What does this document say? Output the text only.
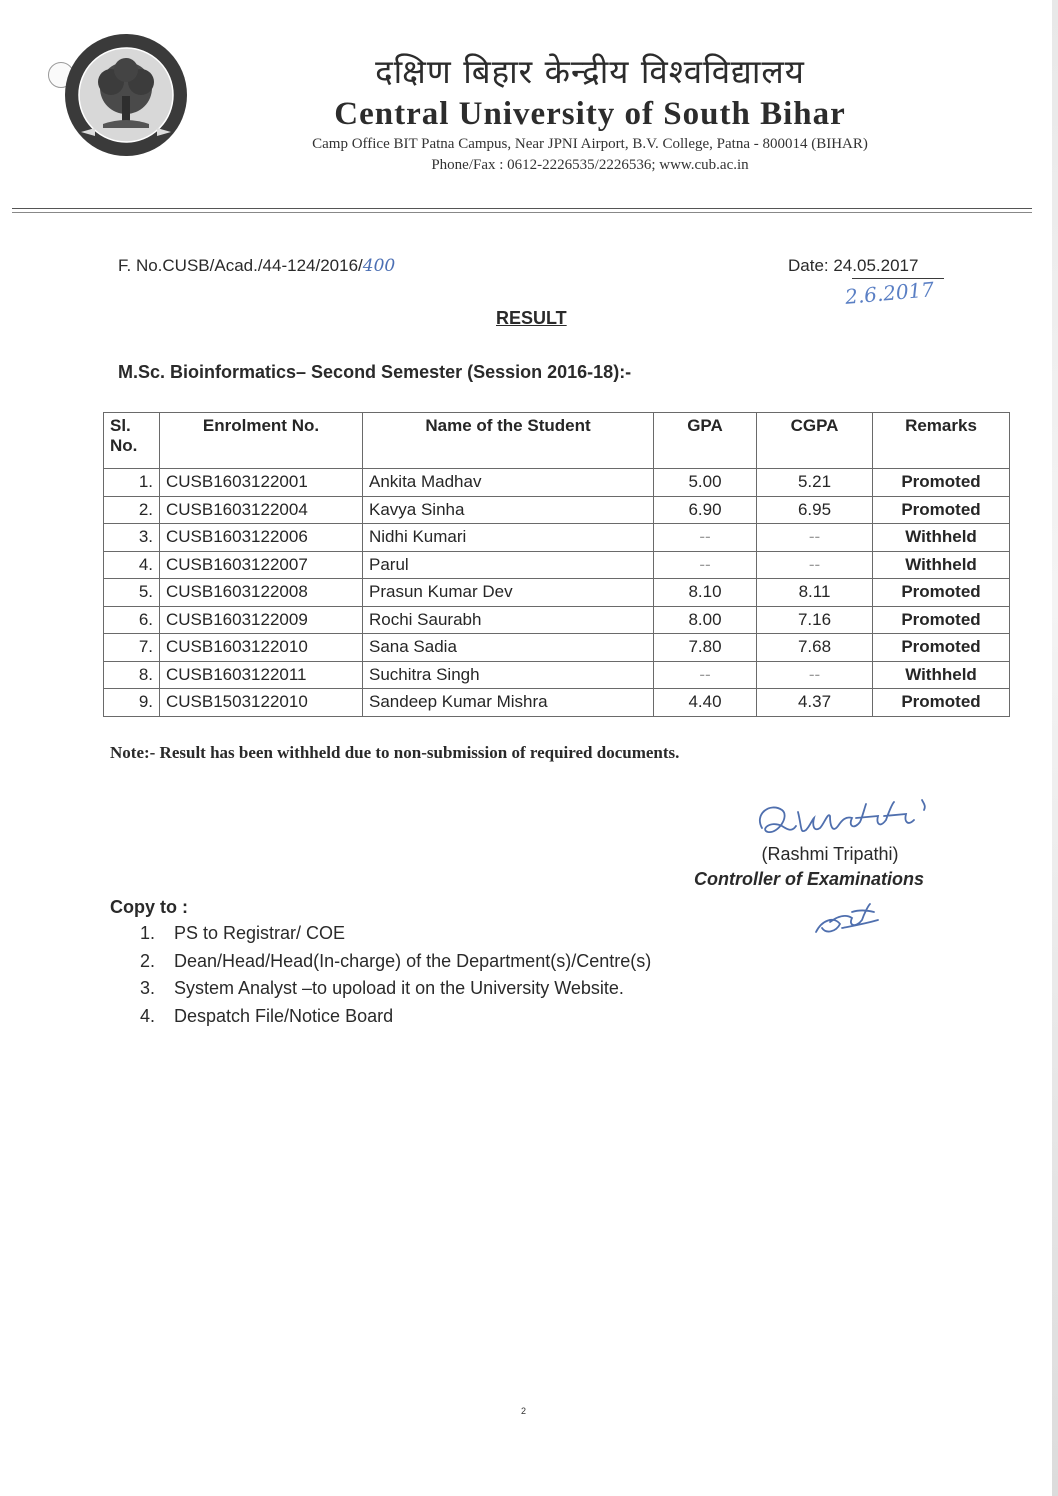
दक्षिण बिहार केन्द्रीय विश्वविद्यालय
Central University of South Bihar
Camp Office BIT Patna Campus, Near JPNI Airport, B.V. College, Patna - 800014 (BIHAR)
Phone/Fax : 0612-2226535/2226536; www.cub.ac.in
F. No.CUSB/Acad./44-124/2016/400	Date: 24.05.2017
2.6.2017
RESULT
M.Sc. Bioinformatics– Second Semester (Session 2016-18):-
Sl.
No.	Enrolment No.	Name of the Student	GPA	CGPA	Remarks
1.	CUSB1603122001	Ankita Madhav	5.00	5.21	Promoted
2.	CUSB1603122004	Kavya Sinha	6.90	6.95	Promoted
3.	CUSB1603122006	Nidhi Kumari	--	--	Withheld
4.	CUSB1603122007	Parul	--	--	Withheld
5.	CUSB1603122008	Prasun Kumar Dev	8.10	8.11	Promoted
6.	CUSB1603122009	Rochi Saurabh	8.00	7.16	Promoted
7.	CUSB1603122010	Sana Sadia	7.80	7.68	Promoted
8.	CUSB1603122011	Suchitra Singh	--	--	Withheld
9.	CUSB1503122010	Sandeep Kumar Mishra	4.40	4.37	Promoted
Note:- Result has been withheld due to non-submission of required documents.
(Rashmi Tripathi)
Controller of Examinations
Copy to :
1. PS to Registrar/ COE
2. Dean/Head/Head(In-charge) of the Department(s)/Centre(s)
3. System Analyst –to upoload it on the University Website.
4. Despatch File/Notice Board
2
